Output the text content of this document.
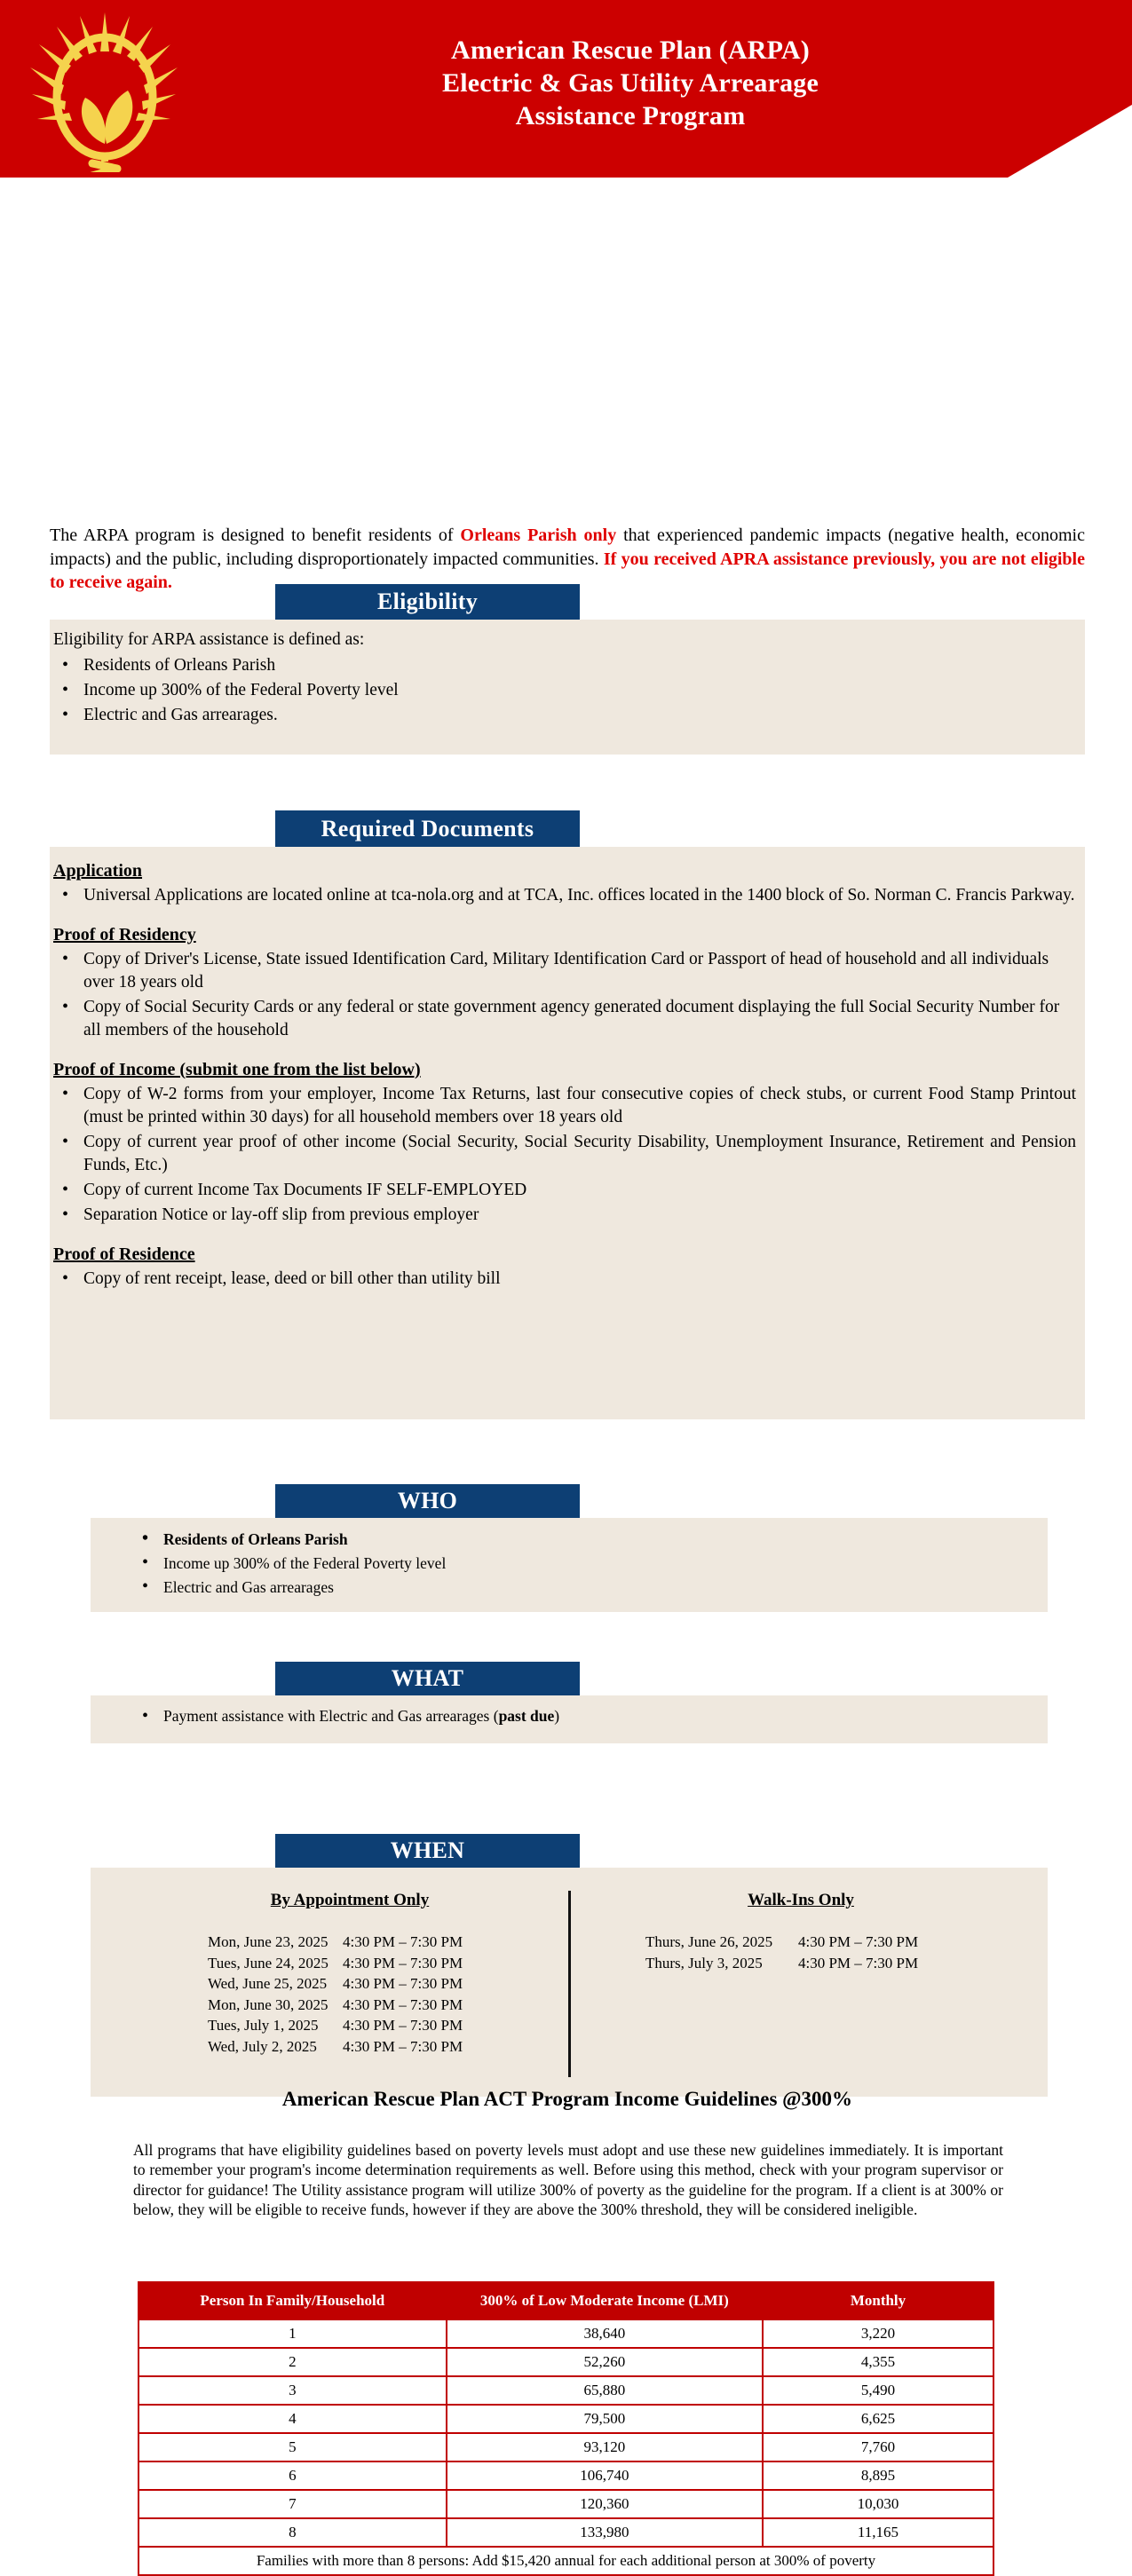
American Rescue Plan (ARPA)
Electric & Gas Utility Arrearage
Assistance Program

The ARPA program is designed to benefit residents of Orleans Parish only that experienced pandemic impacts (negative health, economic impacts) and the public, including disproportionately impacted communities. If you received APRA assistance previously, you are not eligible to receive again.

Eligibility
Eligibility for ARPA assistance is defined as:
• Residents of Orleans Parish
• Income up 300% of the Federal Poverty level
• Electric and Gas arrearages.
Required Documents
Application
• Universal Applications are located online at tca-nola.org and at TCA, Inc. offices located in the 1400 block of So. Norman C. Francis Parkway.
Proof of Residency
• Copy of Driver's License, State issued Identification Card, Military Identification Card or Passport of head of household and all individuals over 18 years old
• Copy of Social Security Cards or any federal or state government agency generated document displaying the full Social Security Number for all members of the household
Proof of Income (submit one from the list below)
• Copy of W-2 forms from your employer, Income Tax Returns, last four consecutive copies of check stubs, or current Food Stamp Printout (must be printed within 30 days) for all household members over 18 years old
• Copy of current year proof of other income (Social Security, Social Security Disability, Unemployment Insurance, Retirement and Pension Funds, Etc.)
• Copy of current Income Tax Documents IF SELF-EMPLOYED
• Separation Notice or lay-off slip from previous employer
Proof of Residence
• Copy of rent receipt, lease, deed or bill other than utility bill
WHO
• Residents of Orleans Parish
• Income up 300% of the Federal Poverty level
• Electric and Gas arrearages
WHAT
• Payment assistance with Electric and Gas arrearages (past due)
WHEN
By Appointment Only
Mon, June 23, 2025 4:30 PM – 7:30 PM
Tues, June 24, 2025 4:30 PM – 7:30 PM
Wed, June 25, 2025	4:30 PM – 7:30 PM
Mon, June 30, 2025 4:30 PM – 7:30 PM
Tues, July 1, 2025	4:30 PM – 7:30 PM
Wed, July 2, 2025	4:30 PM – 7:30 PM
Walk-Ins Only
Thurs, June 26, 2025	4:30 PM – 7:30 PM
Thurs, July 3, 2025	4:30 PM – 7:30 PM
American Rescue Plan ACT Program Income Guidelines @300%

All programs that have eligibility guidelines based on poverty levels must adopt and use these new guidelines immediately. It is important to remember your program's income determination requirements as well. Before using this method, check with your program supervisor or director for guidance! The Utility assistance program will utilize 300% of poverty as the guideline for the program. If a client is at 300% or below, they will be eligible to receive funds, however if they are above the 300% threshold, they will be considered ineligible.

Person In Family/Household	300% of Low Moderate Income (LMI)	Monthly
1	38,640	3,220
2	52,260	4,355
3	65,880	5,490
4	79,500	6,625
5	93,120	7,760
6	106,740	8,895
7	120,360	10,030
8	133,980	11,165
Families with more than 8 persons: Add $15,420 annual for each additional person at 300% of poverty		
